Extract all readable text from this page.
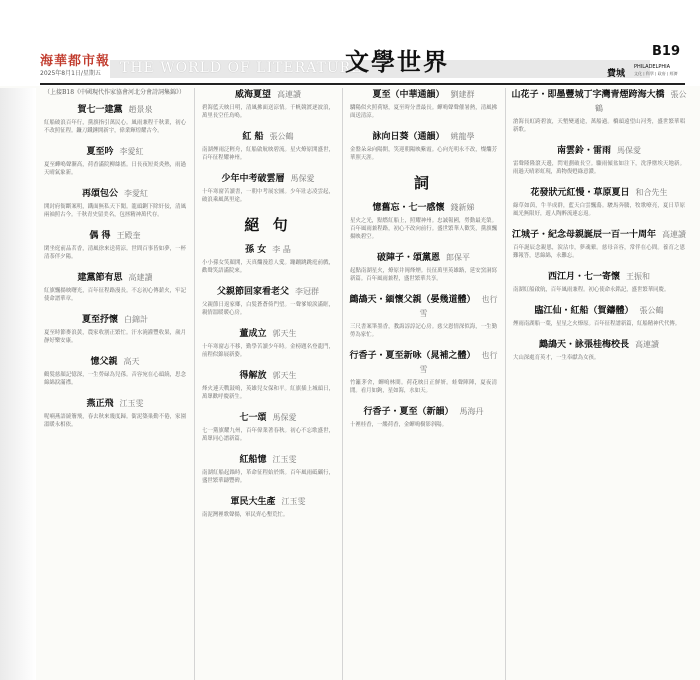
海華都市報
2025年8月1日/星期五 THE WORLD OF LITERATURE
文學世界	B19
費城
PHILADELPHIA
文化 | 科學 | 政府 | 經濟
（上接B18《中國現代作家協會河北分會詩詞集錦》）
賀七一建黨 趙景泉
紅船破浪百年行，黨旗指引萬民心。風雨兼程千秋業，初心不改照征程。鐮刀鐵錘開新宇，偉業輝煌耀古今。
夏至吟 李愛紅
夏至蟬鳴聲漸高，荷香滿院柳絲搖。日長夜短炎炎熱，雨過天晴氣象新。
再頌包公 李愛紅
開封府衙斷案明，鐵面無私天下聞。龍頭鍘下除奸佞，清風兩袖照古今。千秋青史留美名，包拯精神萬代存。
偶 得 王殿奎
閑坐庭前品茗香，清風徐來送荷涼。世間百事皆如夢，一杯清茶伴夕陽。
建黨節有思 高建讀
紅旗飄揚映曙光，百年征程路漫長。不忘初心傳薪火，牢記使命譜華章。
夏至抒懷 白錦計
夏至時節麥浪黃，農家收割正繁忙。汗水澆灌豐收果，歲月靜好樂安康。
憶父親 高天
鶴髮慈顏記憶深，一生勞碌為兒孫。音容宛在心頭繞，思念綿綿淚滿襟。
燕正飛 江玉雯
呢喃燕語繞簷飛，春去秋來幾度歸。銜泥築巢勤不倦，家園溫暖永相依。
威海夏望 高連讀
碧海藍天映日明，清風拂面送涼情。千帆競渡逐波浪，萬里長空任鳥鳴。
紅 船 張公鶴
南湖煙雨泛輕舟，紅船啟航映碧流。星火燎原開盛世，百年征程耀神州。
少年中考破雲層 馬保愛
十年寒窗苦讀書，一朝中考展宏圖。少年壯志凌雲起，破浪乘風萬里途。
絕 句
孫 女 李 晶
小小孫女笑顏開，天真爛漫惹人愛。蹦蹦跳跳庭前戲，歡聲笑語滿院來。
父親節回家看老父 李冠群
父親節日返家鄉，白髮蒼蒼倚門望。一聲爹娘淚滿眶，親情溫暖暖心房。
董成立 郭天生
十年寒窗志不移，勤學苦讀少年時。金榜題名登龍門，前程似錦展新姿。
得解放 郭天生
烽火連天戰鼓鳴，英雄兒女保和平。紅旗插上城頭日，萬眾歡呼慶新生。
七一頌 馬保愛
七一黨旗耀九州，百年偉業著春秋。初心不忘歌盛世，萬眾同心譜新篇。
紅船憶 江玉雯
南湖紅船起錨時，革命征程始於斯。百年風雨砥礪行，盛世繁華鑄豐碑。
軍民大生產 江玉雯
南泥灣裡歌聲揚，軍民齊心墾荒忙。
夏至（中華通韻） 劉建群
驕陽似火照荷塘，夏至時分晝最長。蟬鳴聲聲催暑熱，清風拂面送清涼。
詠向日葵（通韻） 姚龍學
金盤朵朵向陽開，笑迎朝陽映紫霞。心向光明永不改，燦爛芳華照天涯。
詞
憶舊忘・七一感懷 錢新娣
星火之光，點燃紅船上，照耀神州。忠誠報國，勞動最光榮。百年風雨兼程路，初心不改向前行。盛世繁華人歡笑，黨旗飄揚映碧空。
破陣子・頌黨恩 郎保平
起點南湖星火，燎原井岡烽煙。長征萬里英雄路，延安窯洞寫新篇。百年風雨兼程，盛世繁華共享。
鷓鴣天・緬懷父親（晏幾道體） 也行雪
三尺書案筆墨香，教誨諄諄記心房。慈父恩情深似海，一生勤勞為家忙。
行香子・夏至新咏（晁補之體） 也行雪
竹籬茅舍，蟬鳴林間。荷花映日正鮮妍。蛙聲陣陣，夏夜清閒。看月如鉤，星如海，水如天。
行香子・夏至（新韻） 馬海丹
十裡桂香，一縷荷香，金蟬鳴樹影斜陽。
山花子・即墨豐城丁字灣青煙跨海大橋 張公鶴
滄海長虹跨碧波，天塹變通途，萬船過。橋頭遠望山河秀，盛世繁華唱新歌。
南雲鈴・雷雨 馬保愛
雷聲隆隆滾天邊，閃電劃破長空。驟雨傾盆如注下，洗淨塵埃天地新。雨過天晴彩虹現，萬物復甦綠意濃。
花發狀元紅慢・草原夏日 和合先生
綠草如茵，牛羊成群，藍天白雲飄蕩。駿馬奔騰，牧歌嘹亮，夏日草原風光無限好，遊人陶醉流連忘返。
江城子・紀念母親誕辰一百一十周年 高連讀
百年誕辰念親恩，淚沾巾，夢魂縈。慈母音容，常伴在心間。養育之恩難報答，思綿綿，永難忘。
西江月・七一寄懷 王振和
南湖紅船啟航，百年風雨兼程。初心使命永銘記，盛世繁華同慶。
臨江仙・紅船（賀鑄體） 張公鶴
煙雨南湖船一葉，星星之火燎原。百年征程譜新篇，紅船精神代代傳。
鷓鴣天・詠張桂梅校長 高連讀
大山深處育英才，一生奉獻為女孩。
